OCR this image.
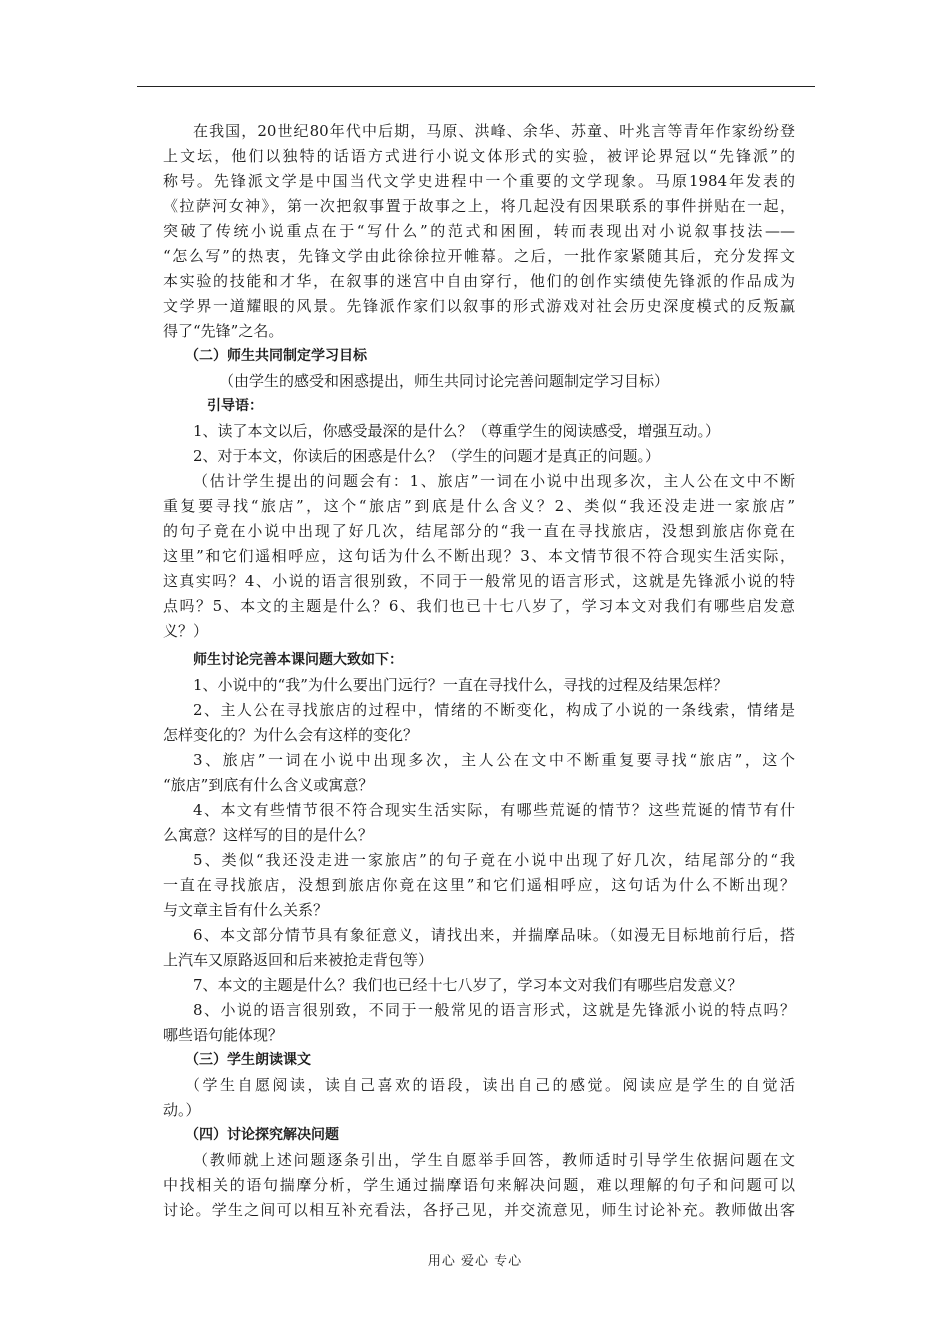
在我国，20世纪80年代中后期，马原、洪峰、余华、苏童、叶兆言等青年作家纷纷登
上文坛，他们以独特的话语方式进行小说文体形式的实验，被评论界冠以“先锋派”的
称号。先锋派文学是中国当代文学史进程中一个重要的文学现象。马原1984年发表的
《拉萨河女神》，第一次把叙事置于故事之上，将几起没有因果联系的事件拼贴在一起，
突破了传统小说重点在于“写什么”的范式和困囿，转而表现出对小说叙事技法——
“怎么写”的热衷，先锋文学由此徐徐拉开帷幕。之后，一批作家紧随其后，充分发挥文
本实验的技能和才华，在叙事的迷宫中自由穿行，他们的创作实绩使先锋派的作品成为
文学界一道耀眼的风景。先锋派作家们以叙事的形式游戏对社会历史深度模式的反叛赢
得了“先锋”之名。
（二）师生共同制定学习目标
（由学生的感受和困惑提出，师生共同讨论完善问题制定学习目标）
引导语：
1、读了本文以后，你感受最深的是什么？（尊重学生的阅读感受，增强互动。）
2、对于本文，你读后的困惑是什么？（学生的问题才是真正的问题。）
（估计学生提出的问题会有：1、旅店”一词在小说中出现多次，主人公在文中不断
重复要寻找“旅店”，这个“旅店”到底是什么含义？2、类似“我还没走进一家旅店”
的句子竟在小说中出现了好几次，结尾部分的“我一直在寻找旅店，没想到旅店你竟在
这里”和它们遥相呼应，这句话为什么不断出现？3、本文情节很不符合现实生活实际，
这真实吗？4、小说的语言很别致，不同于一般常见的语言形式，这就是先锋派小说的特
点吗？5、本文的主题是什么？6、我们也已十七八岁了，学习本文对我们有哪些启发意
义？）
师生讨论完善本课问题大致如下：
1、小说中的“我”为什么要出门远行？一直在寻找什么，寻找的过程及结果怎样？
2、主人公在寻找旅店的过程中，情绪的不断变化，构成了小说的一条线索，情绪是
怎样变化的？为什么会有这样的变化？
3、旅店”一词在小说中出现多次，主人公在文中不断重复要寻找“旅店”，这个
“旅店”到底有什么含义或寓意？
4、本文有些情节很不符合现实生活实际，有哪些荒诞的情节？这些荒诞的情节有什
么寓意？这样写的目的是什么？
5、类似“我还没走进一家旅店”的句子竟在小说中出现了好几次，结尾部分的“我
一直在寻找旅店，没想到旅店你竟在这里”和它们遥相呼应，这句话为什么不断出现？
与文章主旨有什么关系？
6、本文部分情节具有象征意义，请找出来，并揣摩品味。（如漫无目标地前行后，搭
上汽车又原路返回和后来被抢走背包等）
7、本文的主题是什么？我们也已经十七八岁了，学习本文对我们有哪些启发意义？
8、小说的语言很别致，不同于一般常见的语言形式，这就是先锋派小说的特点吗？
哪些语句能体现？
（三）学生朗读课文
（学生自愿阅读，读自己喜欢的语段，读出自己的感觉。阅读应是学生的自觉活
动。）
（四）讨论探究解决问题
（教师就上述问题逐条引出，学生自愿举手回答，教师适时引导学生依据问题在文
中找相关的语句揣摩分析，学生通过揣摩语句来解决问题，难以理解的句子和问题可以
讨论。学生之间可以相互补充看法，各抒己见，并交流意见，师生讨论补充。教师做出客
用心 爱心 专心
